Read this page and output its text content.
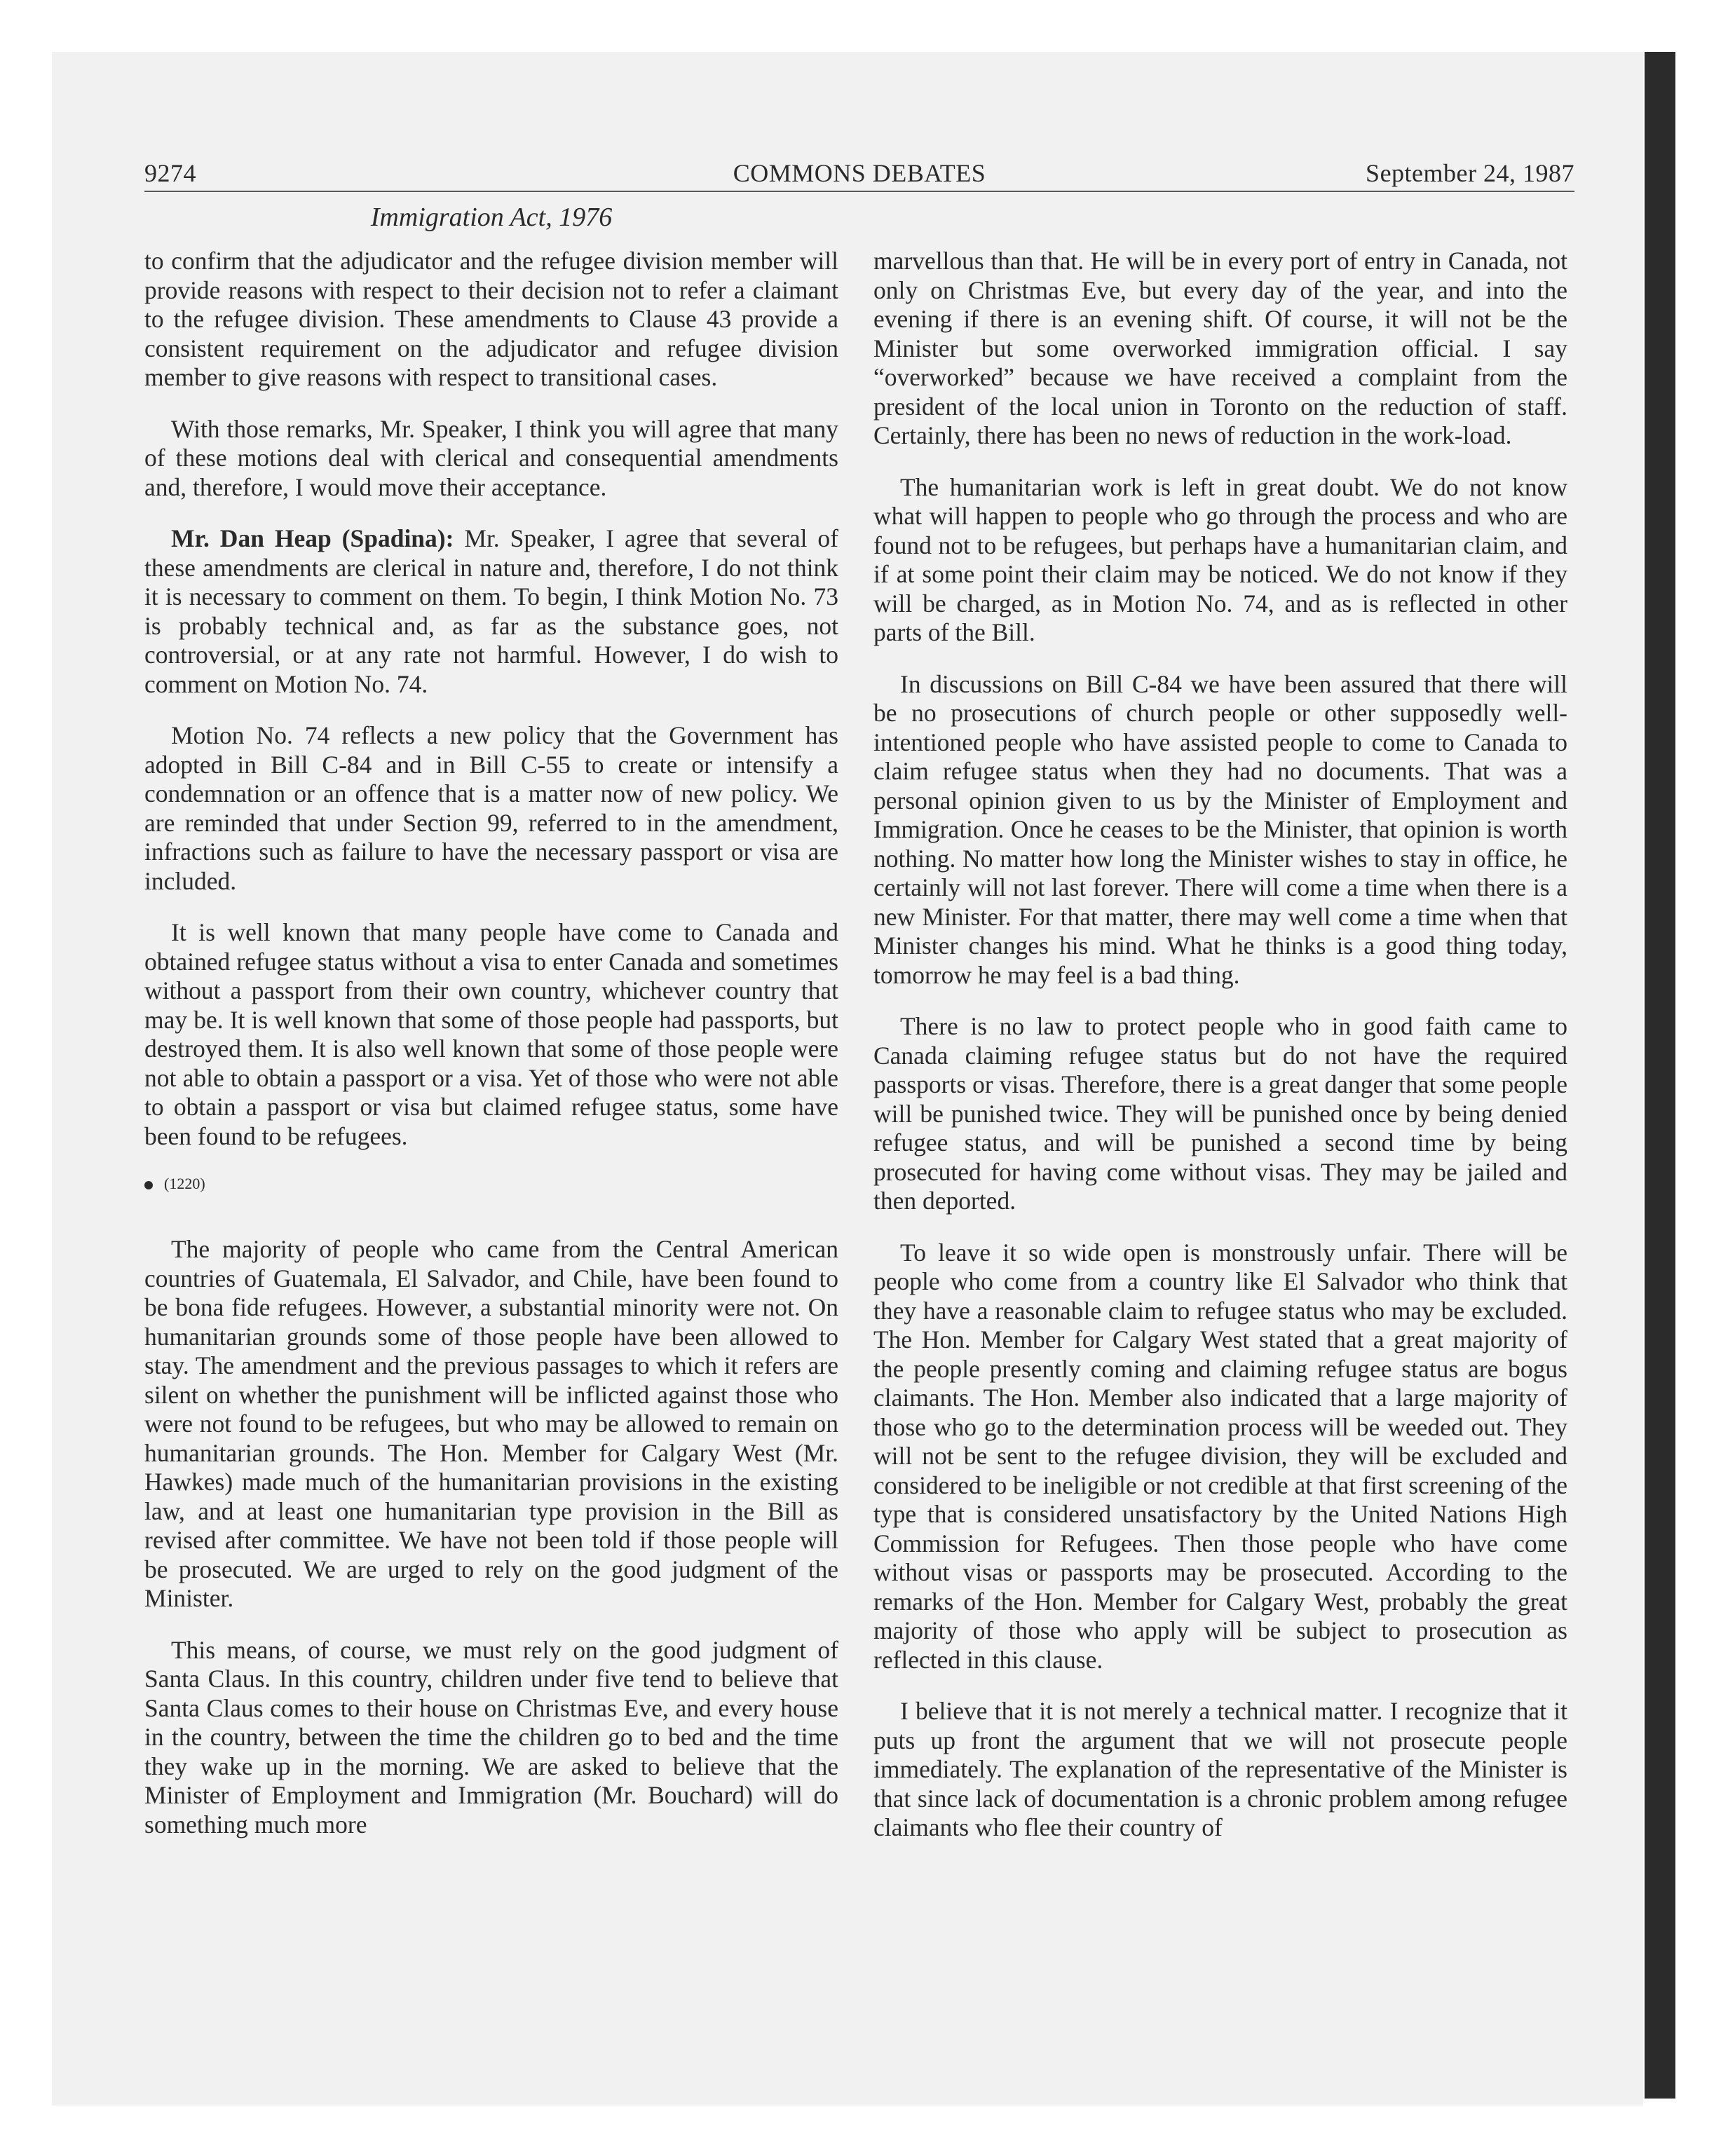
9274	COMMONS DEBATES	September 24, 1987
Immigration Act, 1976

to confirm that the adjudicator and the refugee division member will provide reasons with respect to their decision not to refer a claimant to the refugee division. These amendments to Clause 43 provide a consistent requirement on the adjudicator and refugee division member to give reasons with respect to transitional cases.

With those remarks, Mr. Speaker, I think you will agree that many of these motions deal with clerical and consequential amendments and, therefore, I would move their acceptance.

Mr. Dan Heap (Spadina): Mr. Speaker, I agree that several of these amendments are clerical in nature and, therefore, I do not think it is necessary to comment on them. To begin, I think Motion No. 73 is probably technical and, as far as the substance goes, not controversial, or at any rate not harmful. However, I do wish to comment on Motion No. 74.

Motion No. 74 reflects a new policy that the Government has adopted in Bill C-84 and in Bill C-55 to create or intensify a condemnation or an offence that is a matter now of new policy. We are reminded that under Section 99, referred to in the amendment, infractions such as failure to have the necessary passport or visa are included.

It is well known that many people have come to Canada and obtained refugee status without a visa to enter Canada and sometimes without a passport from their own country, whichever country that may be. It is well known that some of those people had passports, but destroyed them. It is also well known that some of those people were not able to obtain a passport or a visa. Yet of those who were not able to obtain a passport or visa but claimed refugee status, some have been found to be refugees.

(1220)

The majority of people who came from the Central American countries of Guatemala, El Salvador, and Chile, have been found to be bona fide refugees. However, a substantial minority were not. On humanitarian grounds some of those people have been allowed to stay. The amendment and the previous passages to which it refers are silent on whether the punishment will be inflicted against those who were not found to be refugees, but who may be allowed to remain on humanitarian grounds. The Hon. Member for Calgary West (Mr. Hawkes) made much of the humanitarian provisions in the existing law, and at least one humanitarian type provision in the Bill as revised after committee. We have not been told if those people will be prosecuted. We are urged to rely on the good judgment of the Minister.

This means, of course, we must rely on the good judgment of Santa Claus. In this country, children under five tend to believe that Santa Claus comes to their house on Christmas Eve, and every house in the country, between the time the children go to bed and the time they wake up in the morning. We are asked to believe that the Minister of Employment and Immigration (Mr. Bouchard) will do something much more

marvellous than that. He will be in every port of entry in Canada, not only on Christmas Eve, but every day of the year, and into the evening if there is an evening shift. Of course, it will not be the Minister but some overworked immigration official. I say “overworked” because we have received a complaint from the president of the local union in Toronto on the reduction of staff. Certainly, there has been no news of reduction in the work-load.

The humanitarian work is left in great doubt. We do not know what will happen to people who go through the process and who are found not to be refugees, but perhaps have a humanitarian claim, and if at some point their claim may be noticed. We do not know if they will be charged, as in Motion No. 74, and as is reflected in other parts of the Bill.

In discussions on Bill C-84 we have been assured that there will be no prosecutions of church people or other supposedly well-intentioned people who have assisted people to come to Canada to claim refugee status when they had no documents. That was a personal opinion given to us by the Minister of Employment and Immigration. Once he ceases to be the Minister, that opinion is worth nothing. No matter how long the Minister wishes to stay in office, he certainly will not last forever. There will come a time when there is a new Minister. For that matter, there may well come a time when that Minister changes his mind. What he thinks is a good thing today, tomorrow he may feel is a bad thing.

There is no law to protect people who in good faith came to Canada claiming refugee status but do not have the required passports or visas. Therefore, there is a great danger that some people will be punished twice. They will be punished once by being denied refugee status, and will be punished a second time by being prosecuted for having come without visas. They may be jailed and then deported.

To leave it so wide open is monstrously unfair. There will be people who come from a country like El Salvador who think that they have a reasonable claim to refugee status who may be excluded. The Hon. Member for Calgary West stated that a great majority of the people presently coming and claiming refugee status are bogus claimants. The Hon. Member also indicated that a large majority of those who go to the determination process will be weeded out. They will not be sent to the refugee division, they will be excluded and considered to be ineligible or not credible at that first screening of the type that is considered unsatisfactory by the United Nations High Commission for Refugees. Then those people who have come without visas or passports may be prosecuted. According to the remarks of the Hon. Member for Calgary West, probably the great majority of those who apply will be subject to prosecution as reflected in this clause.

I believe that it is not merely a technical matter. I recognize that it puts up front the argument that we will not prosecute people immediately. The explanation of the representative of the Minister is that since lack of documentation is a chronic problem among refugee claimants who flee their country of
